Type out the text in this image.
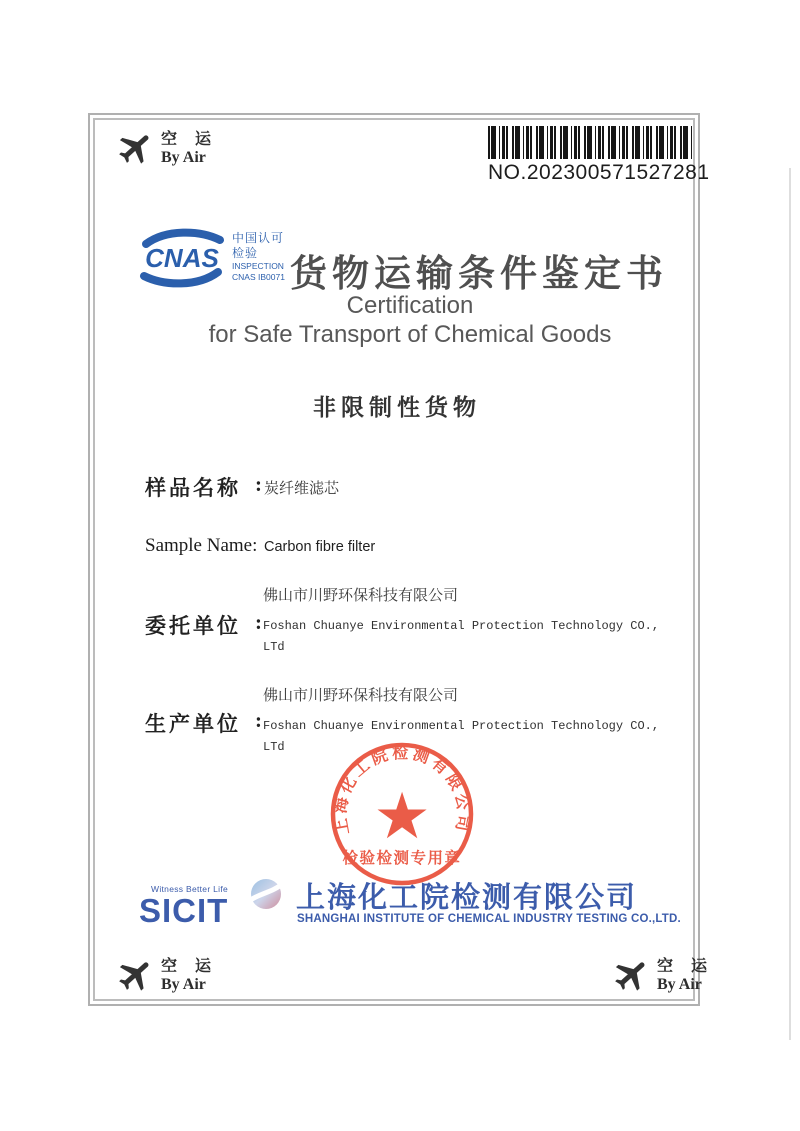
空 运
By Air
NO.202300571527281
CNAS
中国认可
检验
INSPECTION
CNAS IB0071 货物运输条件鉴定书
Certification
for Safe Transport of Chemical Goods
非限制性货物
样品名称 : 炭纤维滤芯
Sample Name: Carbon fibre filter
委托单位 :
佛山市川野环保科技有限公司
Foshan Chuanye Environmental Protection Technology CO.,
LTd
生产单位 :
佛山市川野环保科技有限公司
Foshan Chuanye Environmental Protection Technology CO.,
LTd
上海化工院检测有限公司
★
检验检测专用章
Witness Better Life
SICIT 上海化工院检测有限公司
SHANGHAI INSTITUTE OF CHEMICAL INDUSTRY TESTING CO.,LTD.
空 运
By Air
空 运
By Air
